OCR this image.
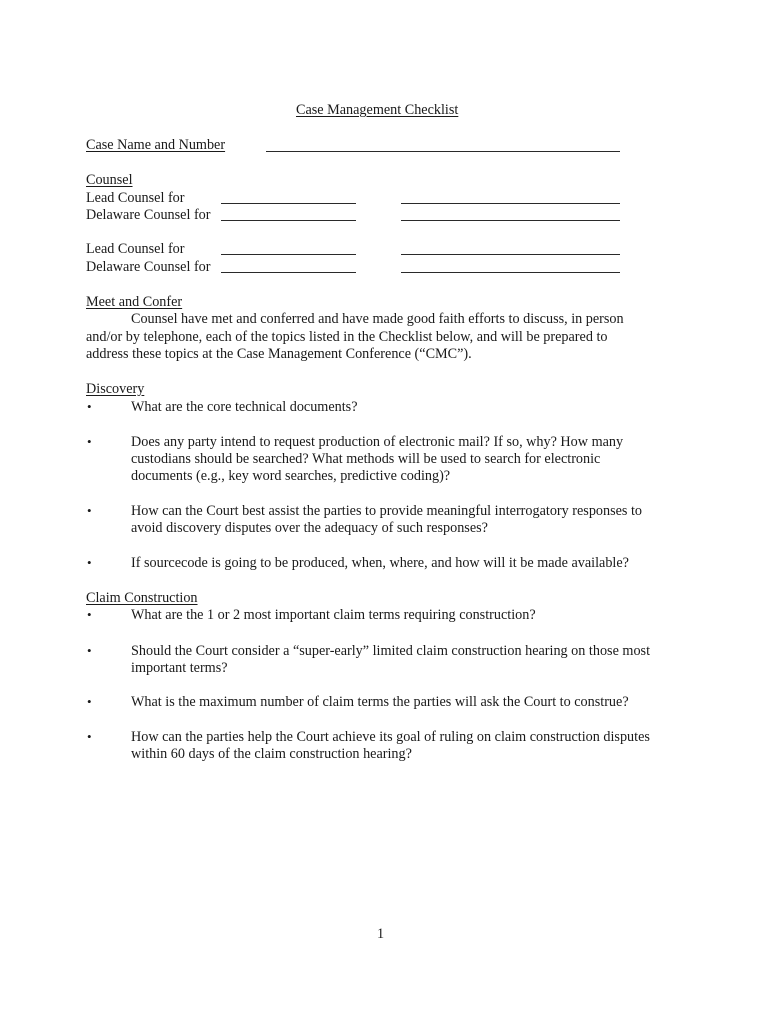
Case Management Checklist
Case Name and Number
Counsel
Lead Counsel for
Delaware Counsel for
Lead Counsel for
Delaware Counsel for
Meet and Confer
Counsel have met and conferred and have made good faith efforts to discuss, in person
and/or by telephone, each of the topics listed in the Checklist below, and will be prepared to
address these topics at the Case Management Conference (“CMC”).
Discovery
•	What are the core technical documents?
•	Does any party intend to request production of electronic mail? If so, why? How many
custodians should be searched? What methods will be used to search for electronic
documents (e.g., key word searches, predictive coding)?
•	How can the Court best assist the parties to provide meaningful interrogatory responses to
avoid discovery disputes over the adequacy of such responses?
•	If sourcecode is going to be produced, when, where, and how will it be made available?
Claim Construction
•	What are the 1 or 2 most important claim terms requiring construction?
•	Should the Court consider a “super-early” limited claim construction hearing on those most
important terms?
•	What is the maximum number of claim terms the parties will ask the Court to construe?
•	How can the parties help the Court achieve its goal of ruling on claim construction disputes
within 60 days of the claim construction hearing?
1
